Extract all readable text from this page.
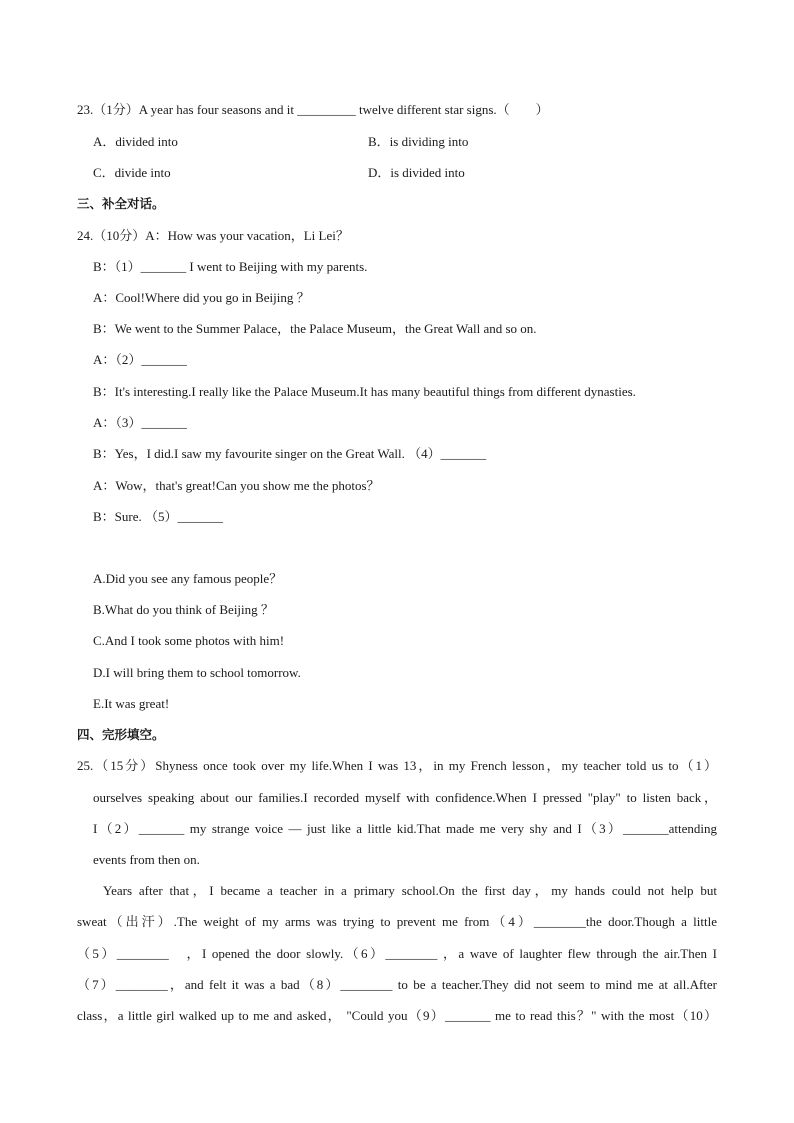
23.（1分）A year has four seasons and it _________ twelve different star signs.（　　）
A．divided into	B．is dividing into
C．divide into	D．is divided into
三、补全对话。
24.（10分）A：How was your vacation，Li Lei？
B：（1）_______ I went to Beijing with my parents.
A：Cool!Where did you go in Beijing ？
B：We went to the Summer Palace，the Palace Museum，the Great Wall and so on.
A：（2）_______
B：It's interesting.I really like the Palace Museum.It has many beautiful things from different dynasties.
A：（3）_______
B：Yes，I did.I saw my favourite singer on the Great Wall. （4）_______
A：Wow，that's great!Can you show me the photos？
B：Sure. （5）_______
A.Did you see any famous people？
B.What do you think of Beijing ？
C.And I took some photos with him!
D.I will bring them to school tomorrow.
E.It was great!
四、完形填空。
25.（15分）Shyness once took over my life.When I was 13，in my French lesson，my teacher told us to（1）
ourselves speaking about our families.I recorded myself with confidence.When I pressed "play" to listen back，
I（2）_______ my strange voice — just like a little kid.That made me very shy and I（3）_______attending
events from then on.
Years after that，I became a teacher in a primary school.On the first day，my hands could not help but
sweat（出汗）.The weight of my arms was trying to prevent me from（4）________the door.Though a little
（5）________　，I opened the door slowly.（6）________ ，a wave of laughter flew through the air.Then I
（7）________，and felt it was a bad（8）________ to be a teacher.They did not seem to mind me at all.After
class，a little girl walked up to me and asked， "Could you（9）_______ me to read this？" with the most（10）
